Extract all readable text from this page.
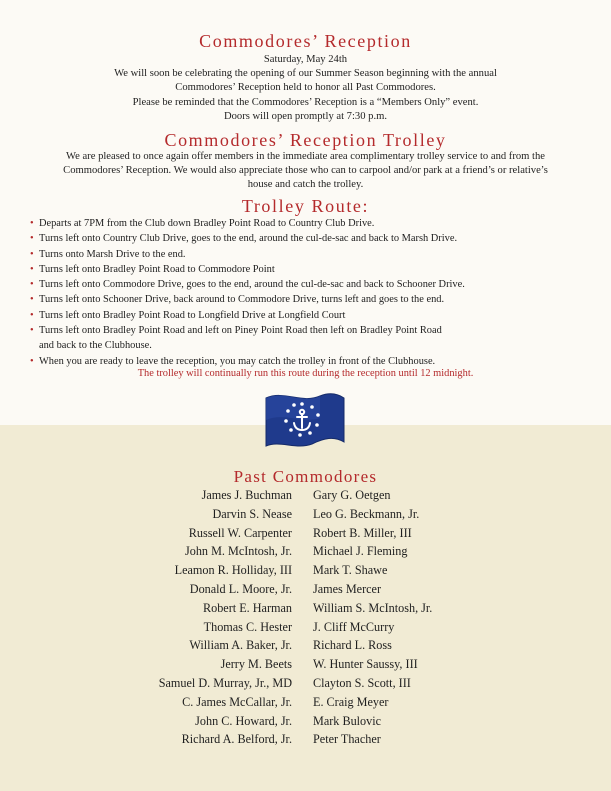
Commodores’ Reception
Saturday, May 24th
We will soon be celebrating the opening of our Summer Season beginning with the annual
Commodores’ Reception held to honor all Past Commodores.
Please be reminded that the Commodores’ Reception is a “Members Only” event.
Doors will open promptly at 7:30 p.m.
Commodores’ Reception Trolley
We are pleased to once again offer members in the immediate area complimentary trolley service to and from the
Commodores’ Reception. We would also appreciate those who can to carpool and/or park at a friend’s or relative’s
house and catch the trolley.
Trolley Route:
• Departs at 7PM from the Club down Bradley Point Road to Country Club Drive.
• Turns left onto Country Club Drive, goes to the end, around the cul-de-sac and back to Marsh Drive.
• Turns onto Marsh Drive to the end.
• Turns left onto Bradley Point Road to Commodore Point
• Turns left onto Commodore Drive, goes to the end, around the cul-de-sac and back to Schooner Drive.
• Turns left onto Schooner Drive, back around to Commodore Drive, turns left and goes to the end.
• Turns left onto Bradley Point Road to Longfield Drive at Longfield Court
• Turns left onto Bradley Point Road and left on Piney Point Road then left on Bradley Point Road
and back to the Clubhouse.
• When you are ready to leave the reception, you may catch the trolley in front of the Clubhouse.
The trolley will continually run this route during the reception until 12 midnight.
Past Commodores
James J. Buchman
Darvin S. Nease
Russell W. Carpenter
John M. McIntosh, Jr.
Leamon R. Holliday, III
Donald L. Moore, Jr.
Robert E. Harman
Thomas C. Hester
William A. Baker, Jr.
Jerry M. Beets
Samuel D. Murray, Jr., MD
C. James McCallar, Jr.
John C. Howard, Jr.
Richard A. Belford, Jr.
Gary G. Oetgen
Leo G. Beckmann, Jr.
Robert B. Miller, III
Michael J. Fleming
Mark T. Shawe
James Mercer
William S. McIntosh, Jr.
J. Cliff McCurry
Richard L. Ross
W. Hunter Saussy, III
Clayton S. Scott, III
E. Craig Meyer
Mark Bulovic
Peter Thacher
